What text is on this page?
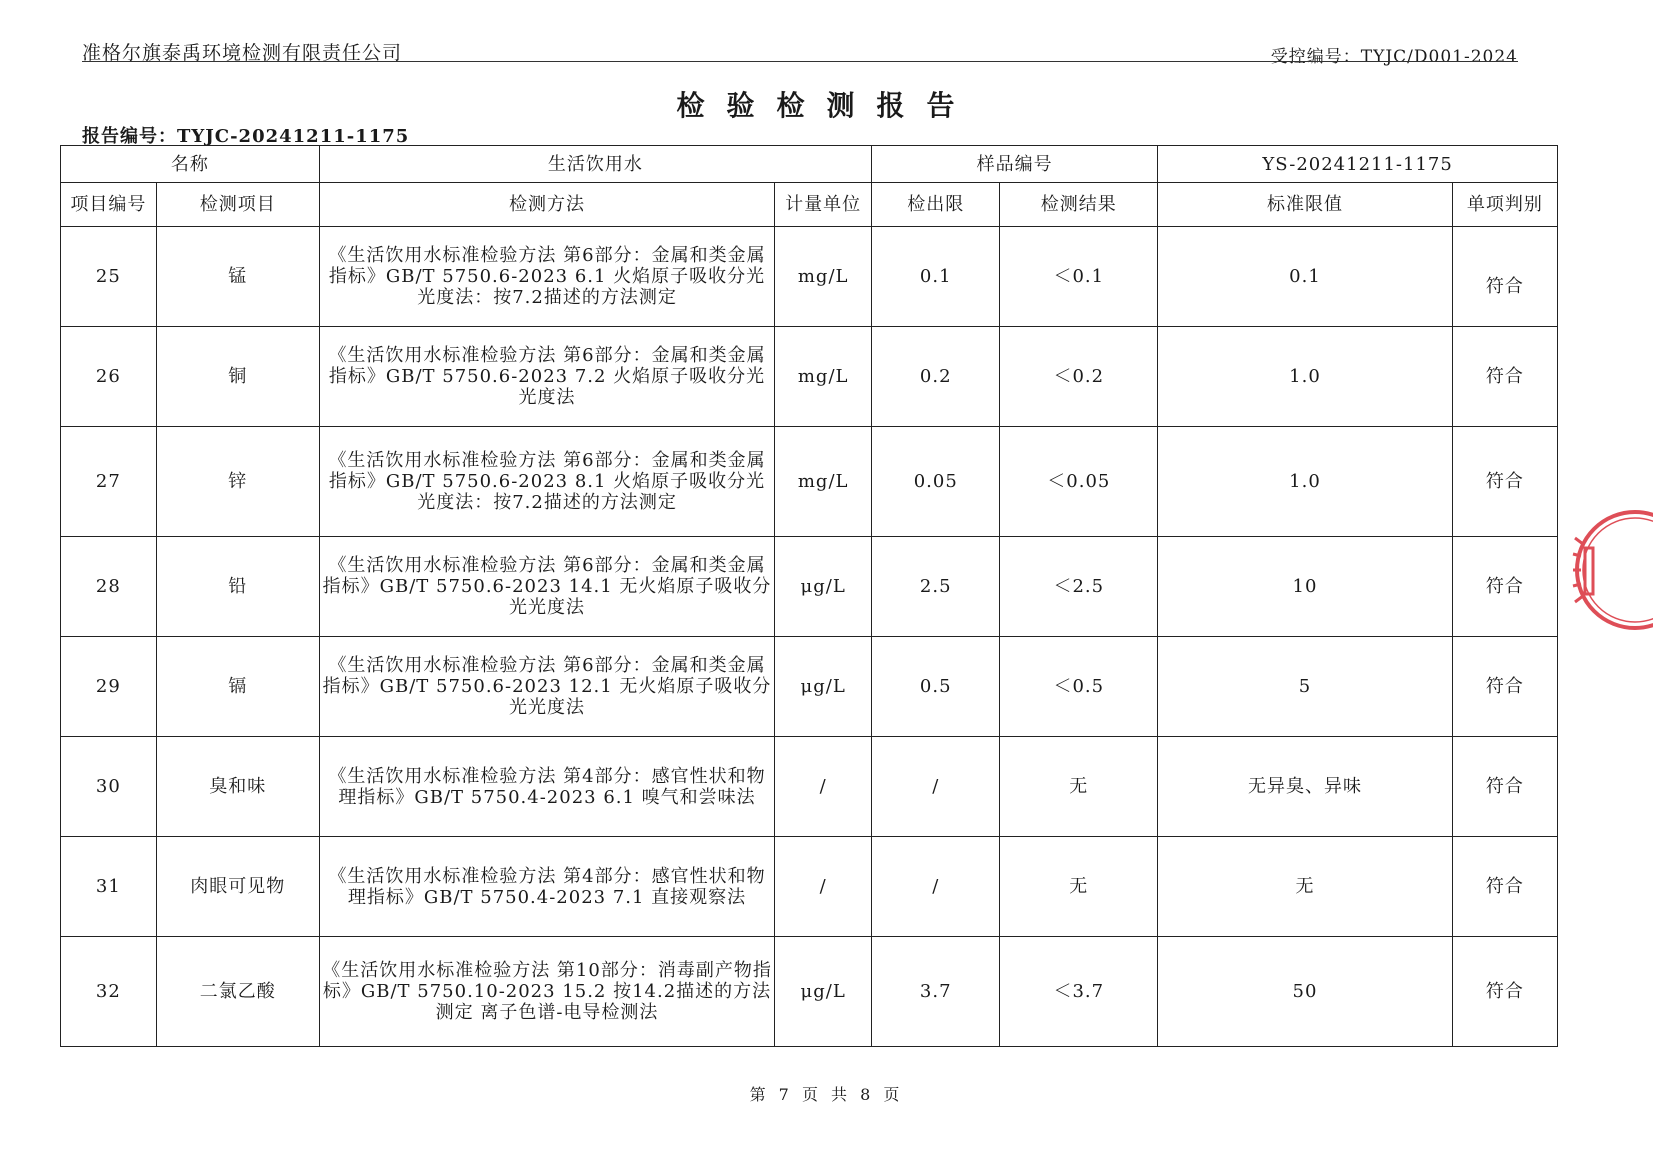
准格尔旗泰禹环境检测有限责任公司	受控编号：TYJC/D001-2024
检验检测报告
报告编号：TYJC-20241211-1175
名称		生活饮用水		样品编号		YS-20241211-1175	
项目编号	检测项目	检测方法	计量单位	检出限	检测结果	标准限值	单项判别
25	锰	《生活饮用水标准检验方法 第6部分：金属和类金属指标》GB/T 5750.6-2023 6.1 火焰原子吸收分光光度法：按7.2描述的方法测定	mg/L	0.1	＜0.1	0.1	符合
26	铜	《生活饮用水标准检验方法 第6部分：金属和类金属指标》GB/T 5750.6-2023 7.2 火焰原子吸收分光光度法	mg/L	0.2	＜0.2	1.0	符合
27	锌	《生活饮用水标准检验方法 第6部分：金属和类金属指标》GB/T 5750.6-2023 8.1 火焰原子吸收分光光度法：按7.2描述的方法测定	mg/L	0.05	＜0.05	1.0	符合
28	铅	《生活饮用水标准检验方法 第6部分：金属和类金属指标》GB/T 5750.6-2023 14.1 无火焰原子吸收分光光度法	μg/L	2.5	＜2.5	10	符合
29	镉	《生活饮用水标准检验方法 第6部分：金属和类金属指标》GB/T 5750.6-2023 12.1 无火焰原子吸收分光光度法	μg/L	0.5	＜0.5	5	符合
30	臭和味	《生活饮用水标准检验方法 第4部分：感官性状和物理指标》GB/T 5750.4-2023 6.1 嗅气和尝味法	/	/	无	无异臭、异味	符合
31	肉眼可见物	《生活饮用水标准检验方法 第4部分：感官性状和物理指标》GB/T 5750.4-2023 7.1 直接观察法	/	/	无	无	符合
32	二氯乙酸	《生活饮用水标准检验方法 第10部分：消毒副产物指标》GB/T 5750.10-2023 15.2 按14.2描述的方法测定 离子色谱-电导检测法	μg/L	3.7	＜3.7	50	符合
第 7 页 共 8 页
